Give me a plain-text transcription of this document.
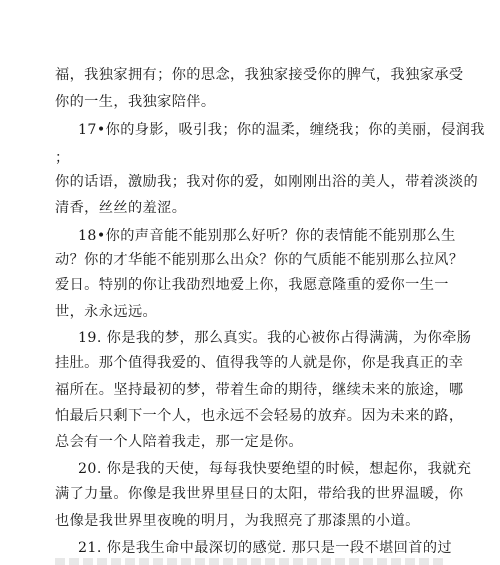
福，我独家拥有；你的思念，我独家接受你的脾气，我独家承受
你的一生，我独家陪伴。
17•你的身影，吸引我；你的温柔，缠绕我；你的美丽，侵润我
；
你的话语，激励我；我对你的爱，如刚刚出浴的美人，带着淡淡的
清香，丝丝的羞涩。
18•你的声音能不能别那么好听？你的表情能不能别那么生
动？你的才华能不能别那么出众？你的气质能不能别那么拉风？
爱日。特别的你让我劭烈地爱上你，我愿意隆重的爱你一生一
世，永永远远。
19. 你是我的梦，那么真实。我的心被你占得满满，为你牵肠
挂肚。那个值得我爱的、值得我等的人就是你，你是我真正的幸
福所在。坚持最初的梦，带着生命的期待，继续未来的旅途，哪
怕最后只剩下一个人，也永远不会轻易的放弃。因为未来的路，
总会有一个人陪着我走，那一定是你。
20. 你是我的天使，每每我快要绝望的时候，想起你，我就充
满了力量。你像是我世界里昼日的太阳，带给我的世界温暖，你
也像是我世界里夜晚的明月，为我照亮了那漆黑的小道。
21. 你是我生命中最深切的感觉. 那只是一段不堪回首的过
